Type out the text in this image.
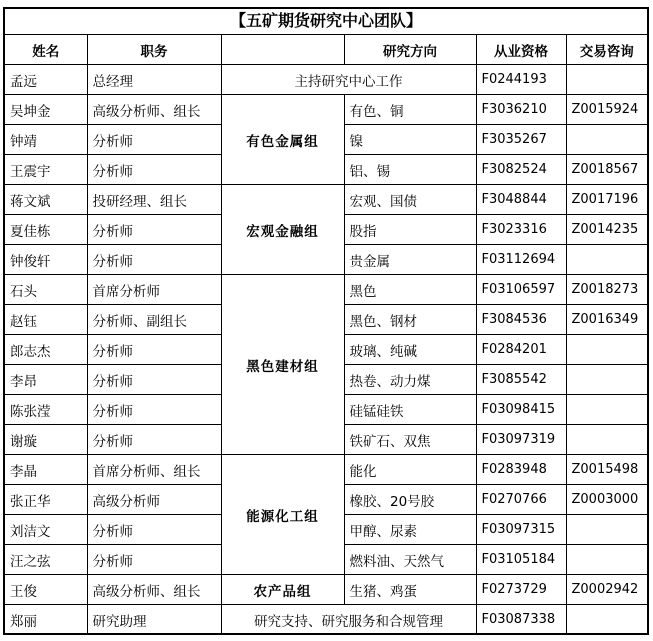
【五矿期货研究中心团队】
姓名	职务		研究方向	从业资格	交易咨询
孟远	总经理	主持研究中心工作		F0244193	
吴坤金	高级分析师、组长	有色金属组	有色、铜	F3036210	Z0015924
钟靖	分析师		镍	F3035267	
王震宇	分析师		铝、锡	F3082524	Z0018567
蒋文斌	投研经理、组长	宏观金融组	宏观、国债	F3048844	Z0017196
夏佳栋	分析师		股指	F3023316	Z0014235
钟俊轩	分析师		贵金属	F03112694	
石头	首席分析师	黑色建材组	黑色	F03106597	Z0018273
赵钰	分析师、副组长		黑色、钢材	F3084536	Z0016349
郎志杰	分析师		玻璃、纯碱	F0284201	
李昂	分析师		热卷、动力煤	F3085542	
陈张滢	分析师		硅锰硅铁	F03098415	
谢璇	分析师		铁矿石、双焦	F03097319	
李晶	首席分析师、组长	能源化工组	能化	F0283948	Z0015498
张正华	高级分析师		橡胶、20号胶	F0270766	Z0003000
刘洁文	分析师		甲醇、尿素	F03097315	
汪之弦	分析师		燃料油、天然气	F03105184	
王俊	高级分析师、组长	农产品组	生猪、鸡蛋	F0273729	Z0002942
郑丽	研究助理	研究支持、研究服务和合规管理		F03087338	
